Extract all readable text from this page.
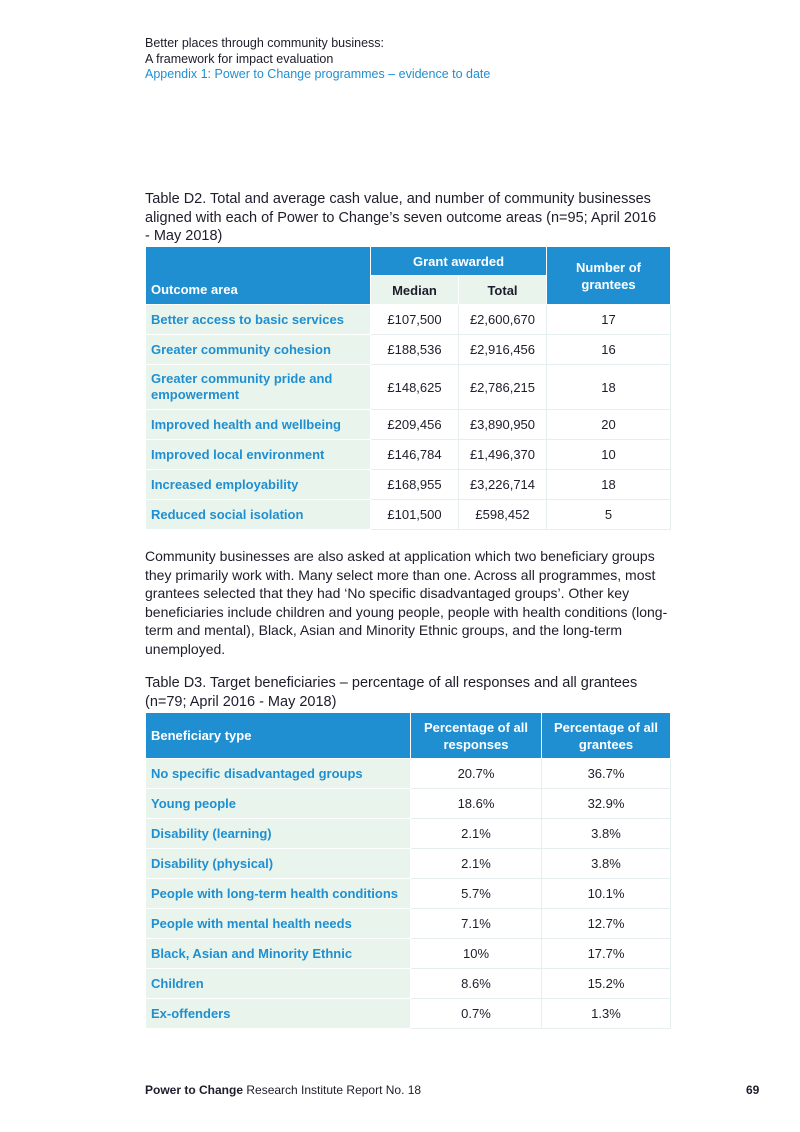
Better places through community business:
A framework for impact evaluation
Appendix 1: Power to Change programmes – evidence to date
Table D2. Total and average cash value, and number of community businesses aligned with each of Power to Change’s seven outcome areas (n=95; April 2016 - May 2018)
Outcome area	Grant awarded		Number of grantees
	Median	Total	
Better access to basic services	£107,500	£2,600,670	17
Greater community cohesion	£188,536	£2,916,456	16
Greater community pride and empowerment	£148,625	£2,786,215	18
Improved health and wellbeing	£209,456	£3,890,950	20
Improved local environment	£146,784	£1,496,370	10
Increased employability	£168,955	£3,226,714	18
Reduced social isolation	£101,500	£598,452	5
Community businesses are also asked at application which two beneficiary groups they primarily work with. Many select more than one. Across all programmes, most grantees selected that they had ‘No specific disadvantaged groups’. Other key beneficiaries include children and young people, people with health conditions (long-term and mental), Black, Asian and Minority Ethnic groups, and the long-term unemployed.
Table D3. Target beneficiaries – percentage of all responses and all grantees (n=79; April 2016 - May 2018)
Beneficiary type	Percentage of all responses	Percentage of all grantees
No specific disadvantaged groups	20.7%	36.7%
Young people	18.6%	32.9%
Disability (learning)	2.1%	3.8%
Disability (physical)	2.1%	3.8%
People with long-term health conditions	5.7%	10.1%
People with mental health needs	7.1%	12.7%
Black, Asian and Minority Ethnic	10%	17.7%
Children	8.6%	15.2%
Ex-offenders	0.7%	1.3%
Power to Change Research Institute Report No. 18	69
